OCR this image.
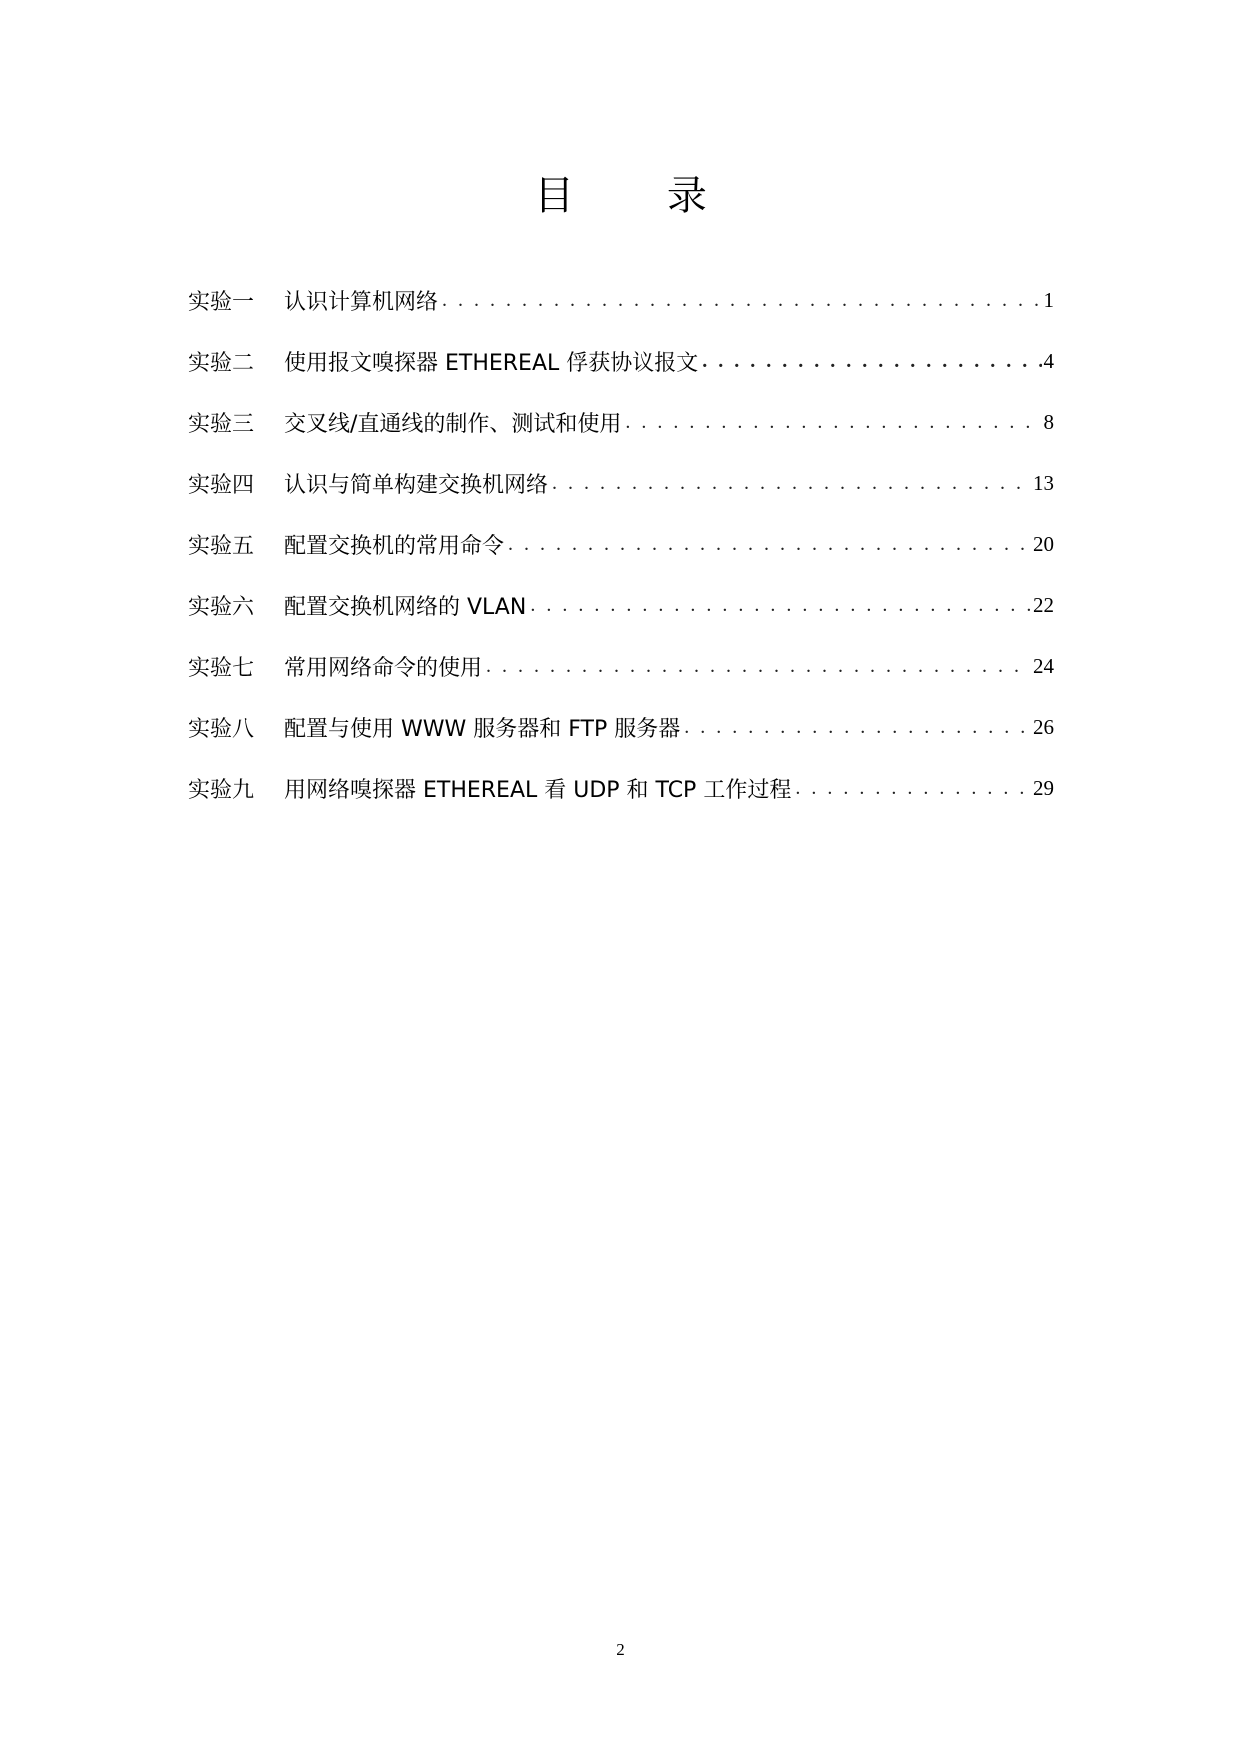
目 录
实验一	认识计算机网络 . . .	1
实验二	使用报文嗅探器 ETHEREAL 俘获协议报文 . . .	4
实验三	交叉线/直通线的制作、测试和使用 . . .	8
实验四	认识与简单构建交换机网络 . . .	13
实验五	配置交换机的常用命令 . . .	20
实验六	配置交换机网络的 VLAN . . .	22
实验七	常用网络命令的使用 . . .	24
实验八	配置与使用 WWW 服务器和 FTP 服务器 . . .	26
实验九	用网络嗅探器 ETHEREAL 看 UDP 和 TCP 工作过程 . . .	29
2
